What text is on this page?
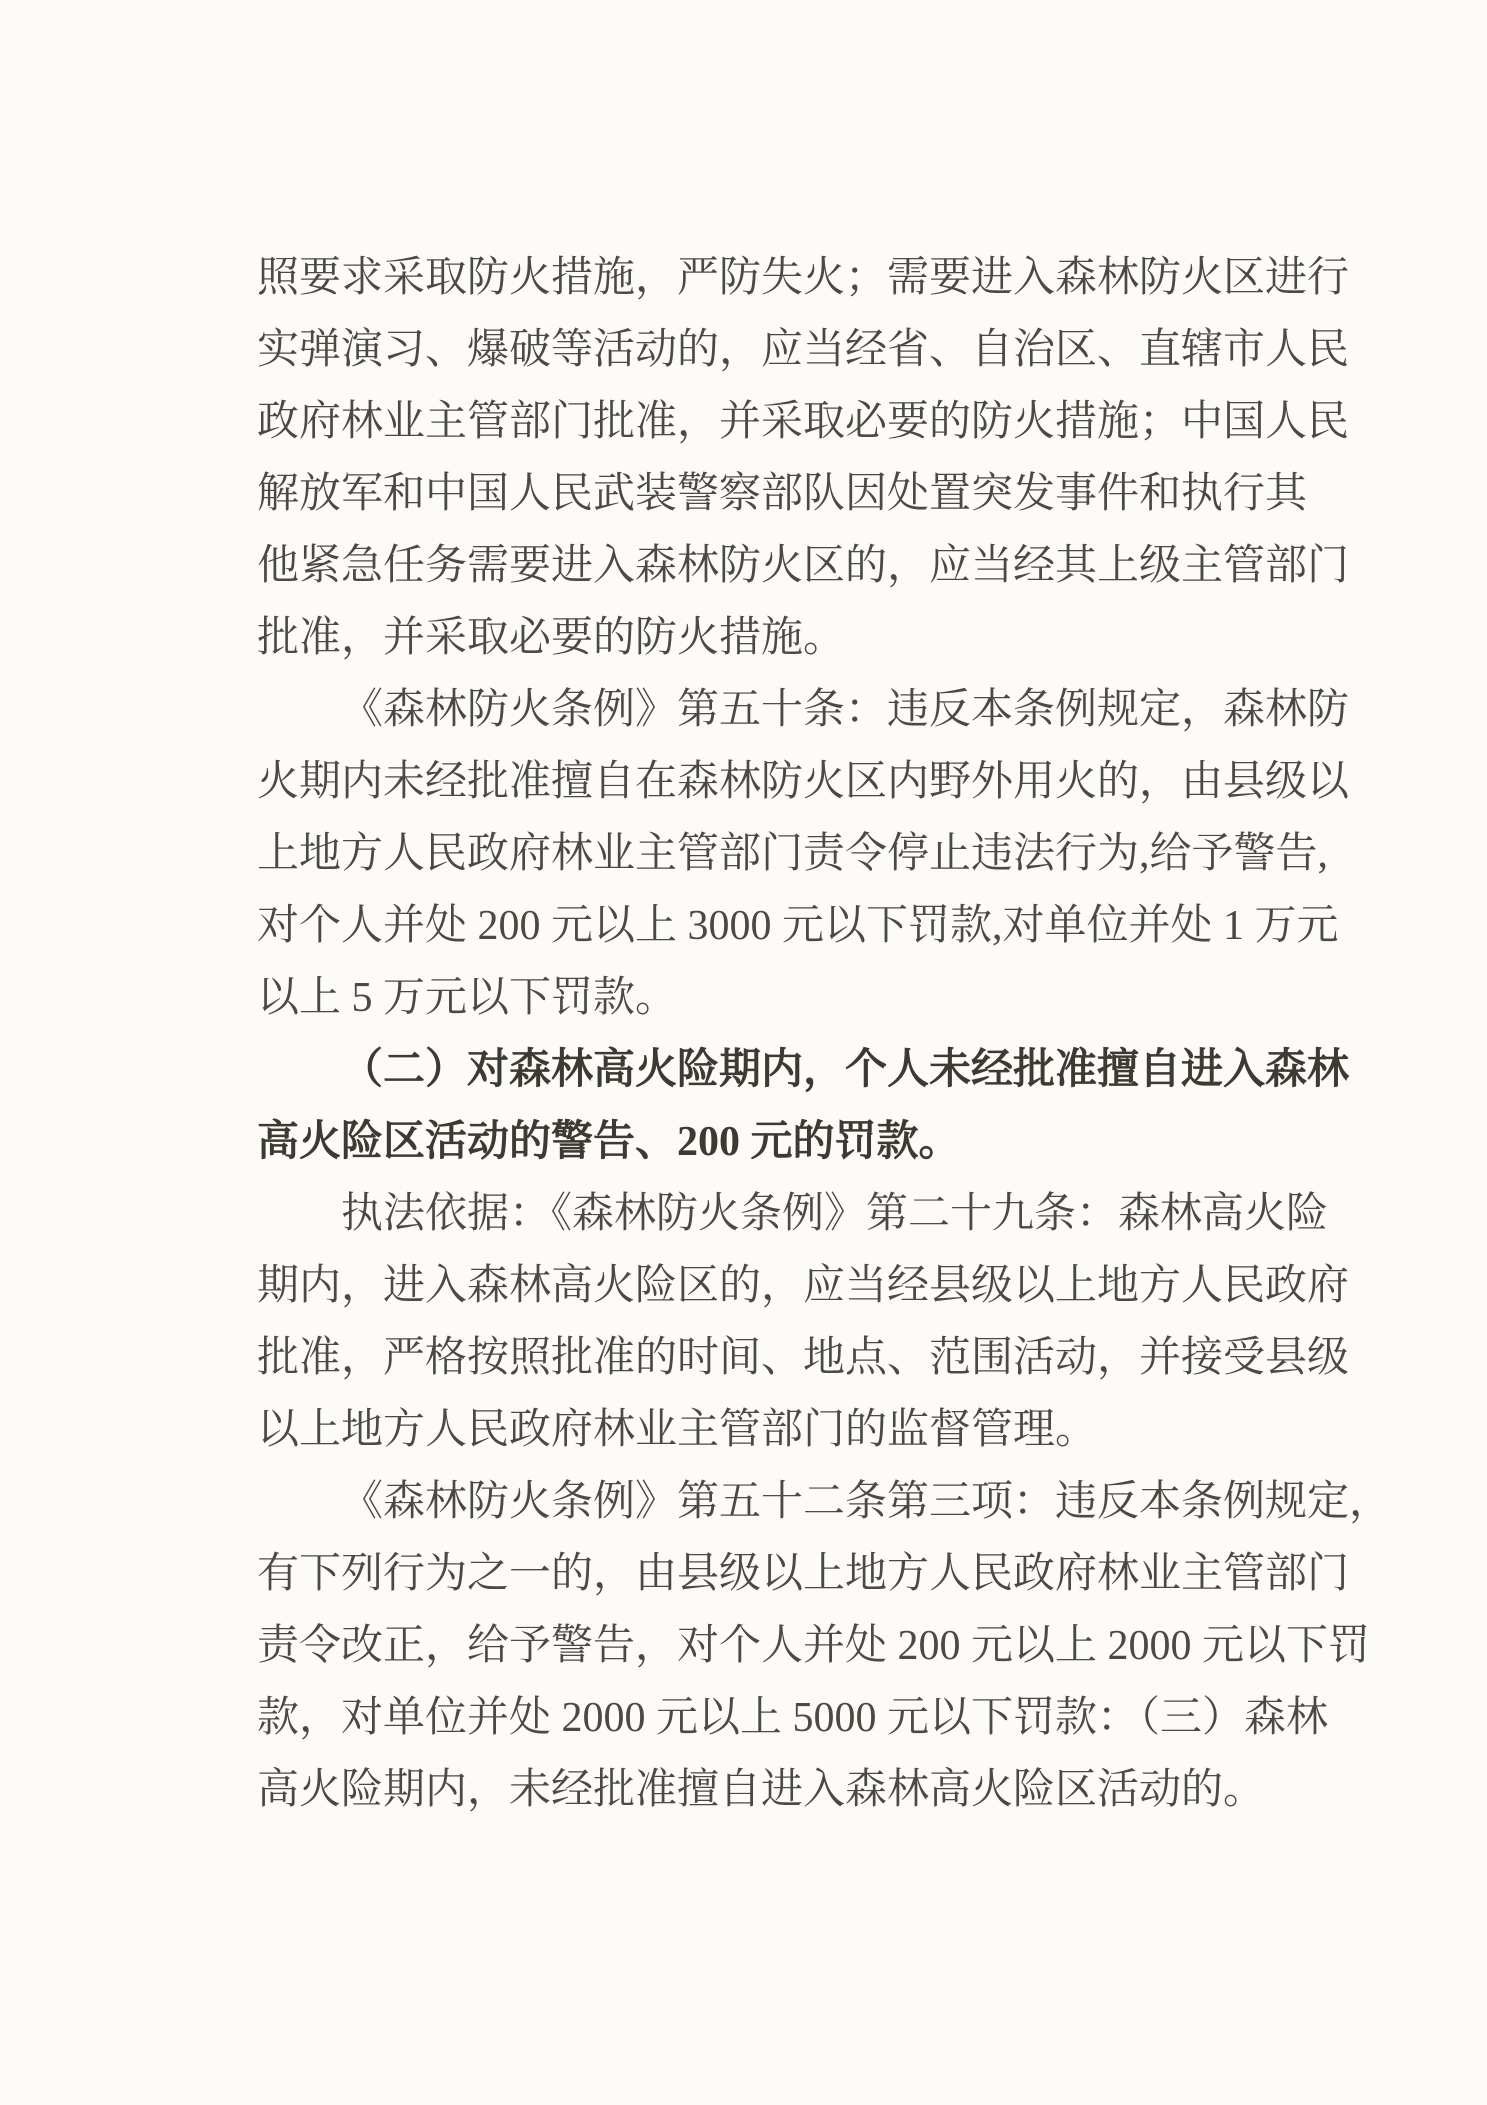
照要求采取防火措施，严防失火；需要进入森林防火区进行
实弹演习、爆破等活动的，应当经省、自治区、直辖市人民
政府林业主管部门批准，并采取必要的防火措施；中国人民
解放军和中国人民武装警察部队因处置突发事件和执行其
他紧急任务需要进入森林防火区的，应当经其上级主管部门
批准，并采取必要的防火措施。
《森林防火条例》第五十条：违反本条例规定，森林防
火期内未经批准擅自在森林防火区内野外用火的，由县级以
上地方人民政府林业主管部门责令停止违法行为,给予警告,
对个人并处 200 元以上 3000 元以下罚款,对单位并处 1 万元
以上 5 万元以下罚款。
（二）对森林高火险期内，个人未经批准擅自进入森林
高火险区活动的警告、200 元的罚款。
执法依据：《森林防火条例》第二十九条：森林高火险
期内，进入森林高火险区的，应当经县级以上地方人民政府
批准，严格按照批准的时间、地点、范围活动，并接受县级
以上地方人民政府林业主管部门的监督管理。
《森林防火条例》第五十二条第三项：违反本条例规定，
有下列行为之一的，由县级以上地方人民政府林业主管部门
责令改正，给予警告，对个人并处 200 元以上 2000 元以下罚
款，对单位并处 2000 元以上 5000 元以下罚款：（三）森林
高火险期内，未经批准擅自进入森林高火险区活动的。
